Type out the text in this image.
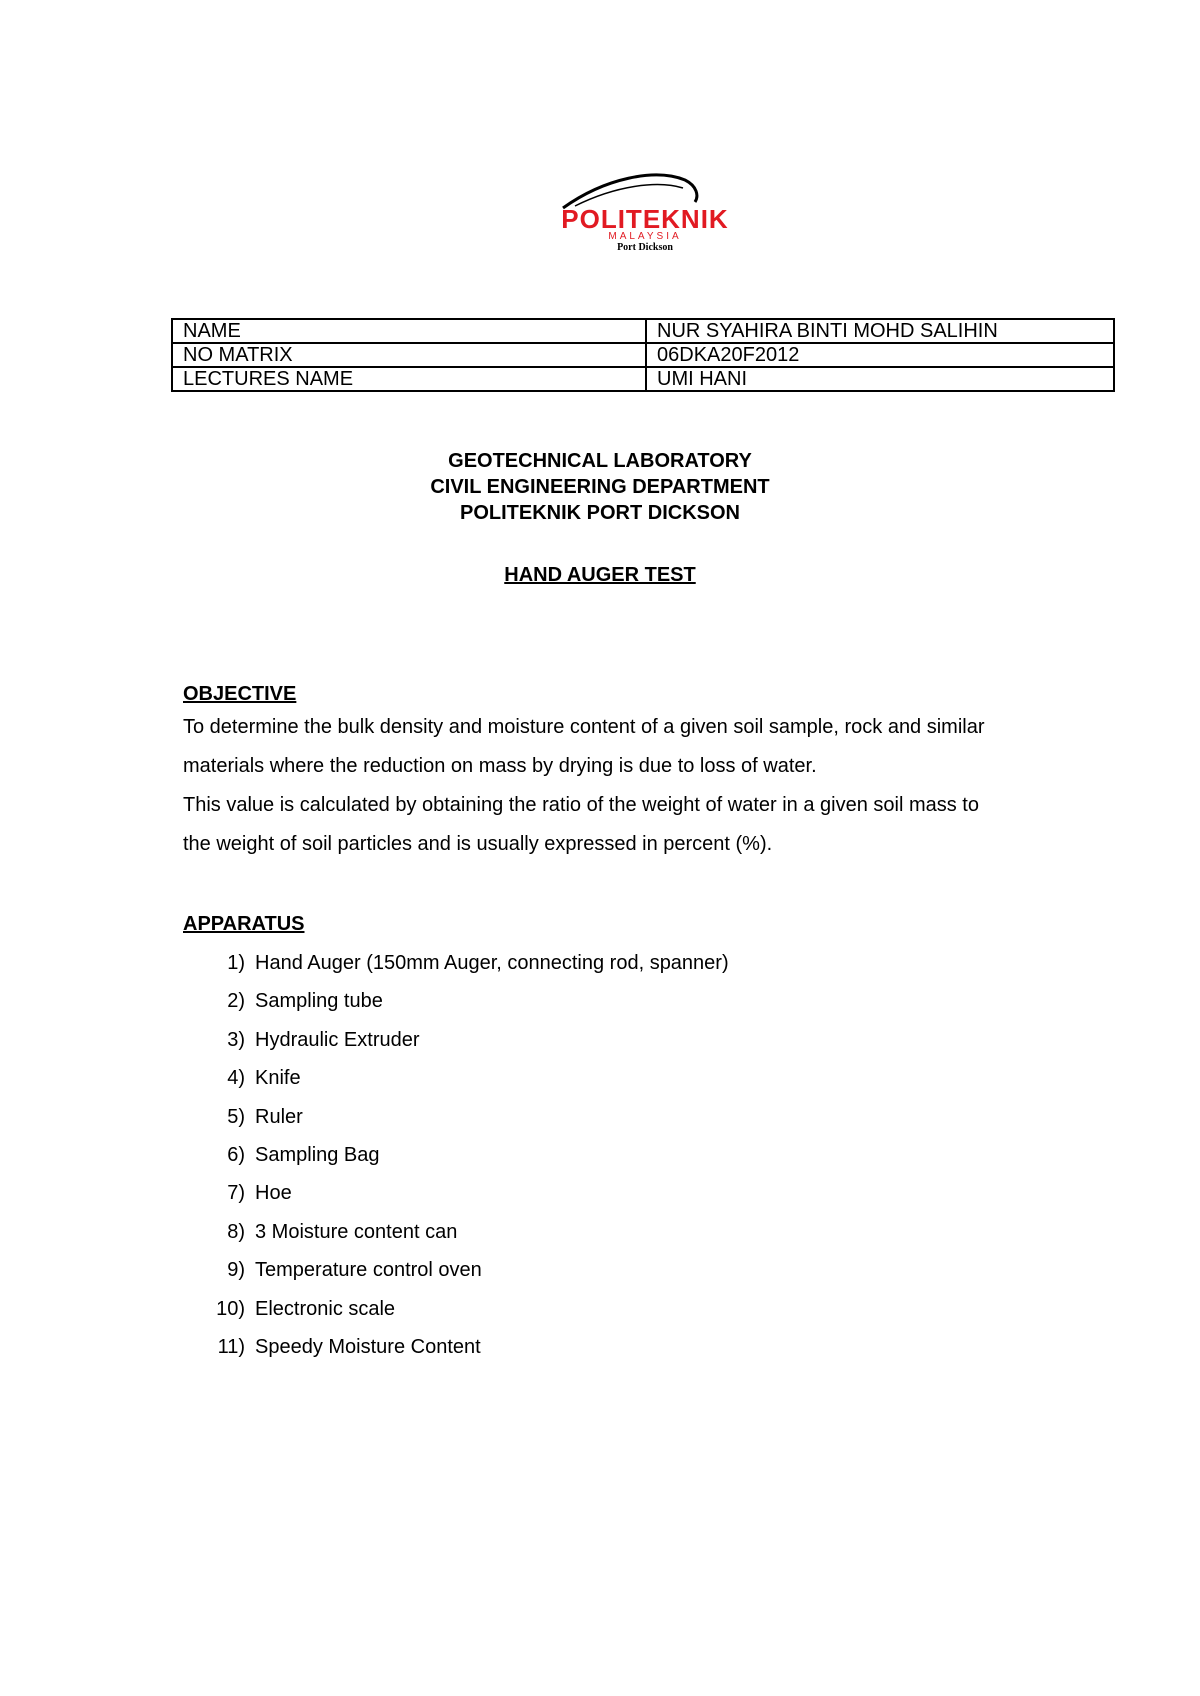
POLITEKNIK
MALAYSIA
Port Dickson
NAME	NUR SYAHIRA BINTI MOHD SALIHIN
NO MATRIX	06DKA20F2012
LECTURES NAME	UMI HANI
GEOTECHNICAL LABORATORY
CIVIL ENGINEERING DEPARTMENT
POLITEKNIK PORT DICKSON
HAND AUGER TEST
OBJECTIVE

To determine the bulk density and moisture content of a given soil sample, rock and similar

materials where the reduction on mass by drying is due to loss of water.

This value is calculated by obtaining the ratio of the weight of water in a given soil mass to

the weight of soil particles and is usually expressed in percent (%).

APPARATUS
1) Hand Auger (150mm Auger, connecting rod, spanner)
2) Sampling tube
3) Hydraulic Extruder
4) Knife
5) Ruler
6) Sampling Bag
7) Hoe
8) 3 Moisture content can
9) Temperature control oven
10) Electronic scale
11) Speedy Moisture Content
